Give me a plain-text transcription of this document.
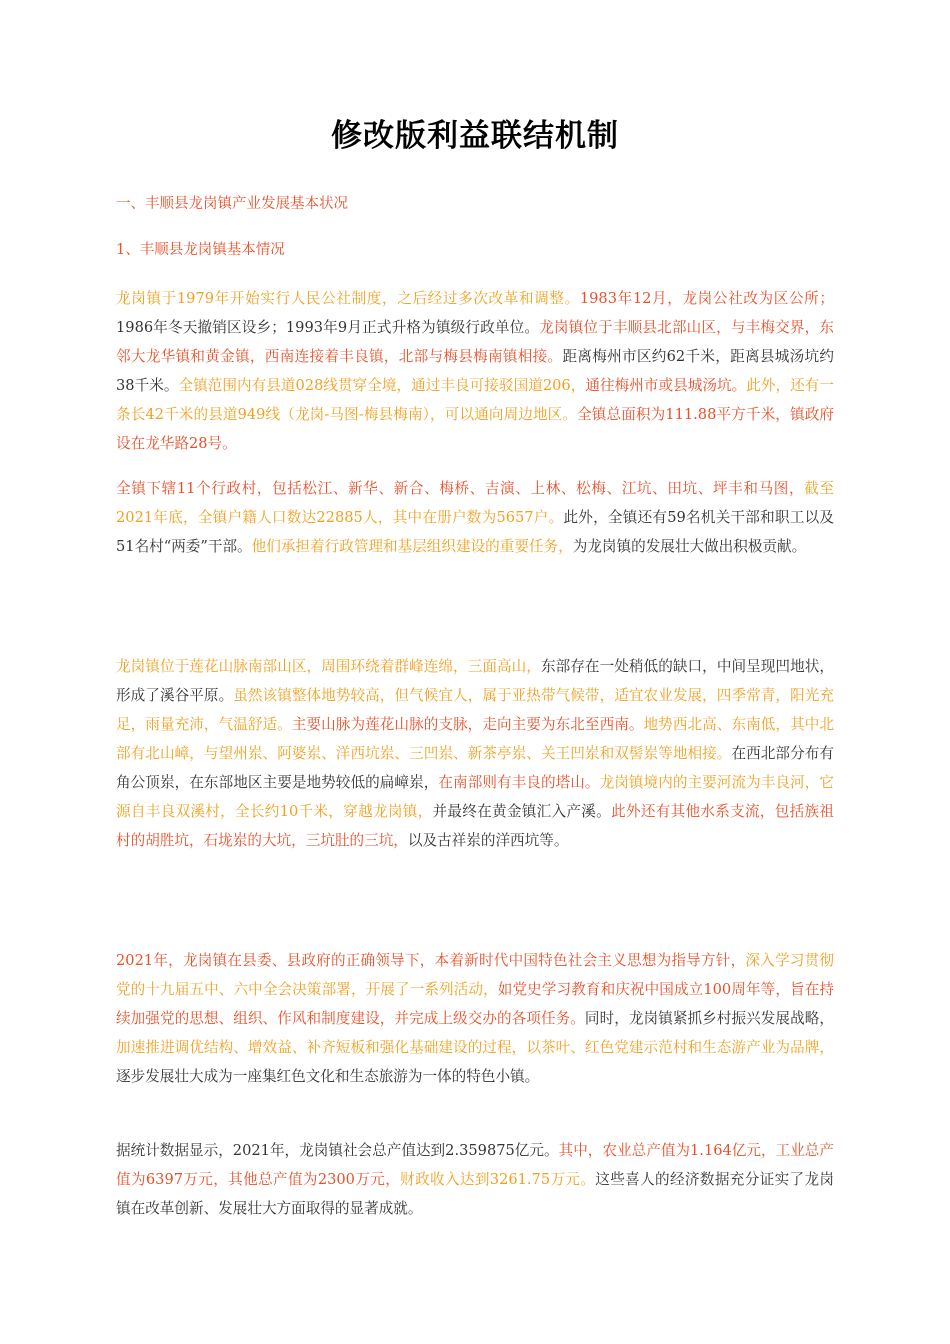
修改版利益联结机制
一、丰顺县龙岗镇产业发展基本状况
1、丰顺县龙岗镇基本情况

龙岗镇于1979年开始实行人民公社制度，之后经过多次改革和调整。1983年12月，龙岗公社改为区公所；1986年冬天撤销区设乡；1993年9月正式升格为镇级行政单位。龙岗镇位于丰顺县北部山区，与丰梅交界，东邻大龙华镇和黄金镇，西南连接着丰良镇，北部与梅县梅南镇相接。距离梅州市区约62千米，距离县城汤坑约38千米。全镇范围内有县道028线贯穿全境，通过丰良可接驳国道206，通往梅州市或县城汤坑。此外，还有一条长42千米的县道949线（龙岗-马图-梅县梅南），可以通向周边地区。全镇总面积为111.88平方千米，镇政府设在龙华路28号。

全镇下辖11个行政村，包括松江、新华、新合、梅桥、吉演、上林、松梅、江坑、田坑、坪丰和马图，截至2021年底，全镇户籍人口数达22885人，其中在册户数为5657户。此外，全镇还有59名机关干部和职工以及51名村“两委”干部。他们承担着行政管理和基层组织建设的重要任务，为龙岗镇的发展壮大做出积极贡献。

龙岗镇位于莲花山脉南部山区，周围环绕着群峰连绵，三面高山，东部存在一处稍低的缺口，中间呈现凹地状，形成了溪谷平原。虽然该镇整体地势较高，但气候宜人，属于亚热带气候带，适宜农业发展，四季常青，阳光充足，雨量充沛，气温舒适。主要山脉为莲花山脉的支脉，走向主要为东北至西南。地势西北高、东南低，其中北部有北山嶂，与望州岽、阿婆岽、洋西坑岽、三凹岽、新茶亭岽、关王凹岽和双髻岽等地相接。在西北部分布有角公顶岽，在东部地区主要是地势较低的扁嶂岽，在南部则有丰良的塔山。龙岗镇境内的主要河流为丰良河，它源自丰良双溪村，全长约10千米，穿越龙岗镇，并最终在黄金镇汇入产溪。此外还有其他水系支流，包括族祖村的胡胜坑，石垅岽的大坑，三坑肚的三坑，以及古祥岽的洋西坑等。

2021年，龙岗镇在县委、县政府的正确领导下，本着新时代中国特色社会主义思想为指导方针，深入学习贯彻党的十九届五中、六中全会决策部署，开展了一系列活动，如党史学习教育和庆祝中国成立100周年等，旨在持续加强党的思想、组织、作风和制度建设，并完成上级交办的各项任务。同时，龙岗镇紧抓乡村振兴发展战略，加速推进调优结构、增效益、补齐短板和强化基础建设的过程，以茶叶、红色党建示范村和生态游产业为品牌，逐步发展壮大成为一座集红色文化和生态旅游为一体的特色小镇。

据统计数据显示，2021年，龙岗镇社会总产值达到2.359875亿元。其中，农业总产值为1.164亿元，工业总产值为6397万元，其他总产值为2300万元，财政收入达到3261.75万元。这些喜人的经济数据充分证实了龙岗镇在改革创新、发展壮大方面取得的显著成就。
